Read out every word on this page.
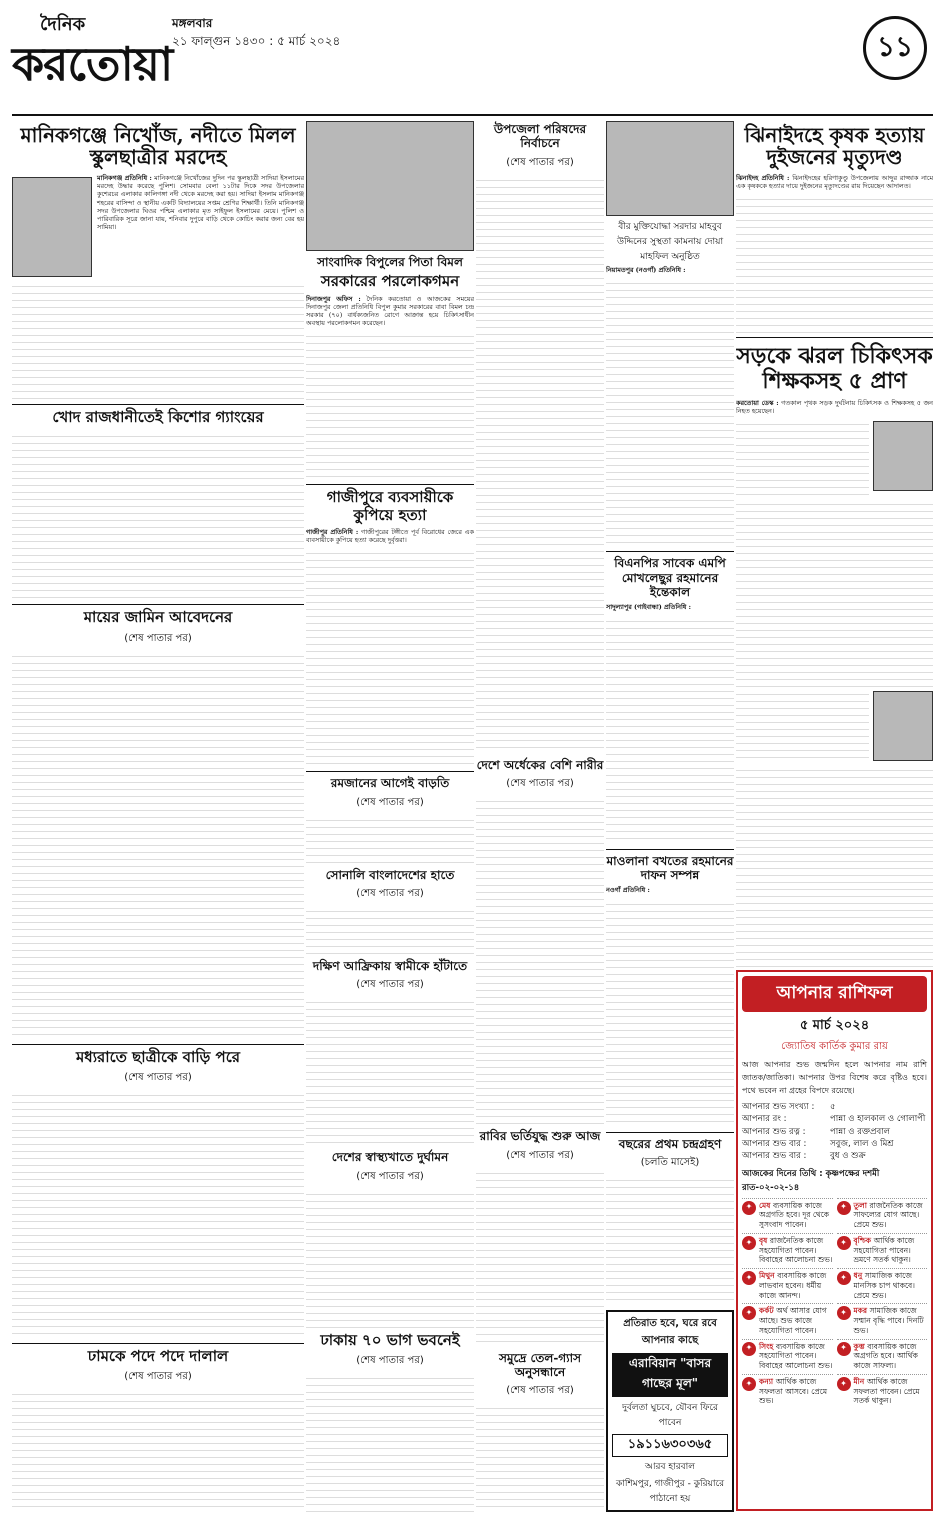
দৈনিক
করতোয়া
মঙ্গলবার
২১ ফাল্গুন ১৪৩০ : ৫ মার্চ ২০২৪	১১
মানিকগঞ্জে নিখোঁজ, নদীতে মিলল স্কুলছাত্রীর মরদেহ

মানিকগঞ্জ প্রতিনিধি : মানিকগঞ্জে নিখোঁজের দুদিন পর স্কুলছাত্রী সাদিয়া ইসলামের মরদেহ উদ্ধার করেছে পুলিশ। সোমবার বেলা ১১টার দিকে সদর উপজেলার কুশেরচর এলাকার কালিগঙ্গা নদী থেকে মরদেহ করা হয়। সাদিয়া ইসলাম মানিকগঞ্জ শহরের বাসিন্দা ও স্থানীয় একটি বিদ্যালয়ের সপ্তম শ্রেণির শিক্ষার্থী। তিনি মানিকগঞ্জ সদর উপজেলার ঘিওর পশ্চিম এলাকার মৃত সাইফুল ইসলামের মেয়ে। পুলিশ ও পারিবারিক সূত্রে জানা যায়, শনিবার দুপুরে বাড়ি থেকে কোচিং করার জন্য বের হয় সামিয়া।

খোদ রাজধানীতেই কিশোর গ্যাংয়ের
মায়ের জামিন আবেদনের
( শেষ পাতার পর )
মধ্যরাতে ছাত্রীকে বাড়ি পরে
( শেষ পাতার পর )
ঢামকে পদে পদে দালাল
( শেষ পাতার পর )
সাংবাদিক বিপুলের পিতা বিমল
সরকারের পরলোকগমন

দিনাজপুর অফিস : দৈনিক করতোয়া ও আজকের সময়ের দিনাজপুর জেলা প্রতিনিধি বিপুল কুমার সরকারের বাবা বিমল চন্দ্র সরকার (৭০) বার্ধক্যজনিত রোগে আক্রান্ত হয়ে চিকিৎসাধীন অবস্থায় পরলোকগমন করেছেন।

গাজীপুরে ব্যবসায়ীকে কুপিয়ে হত্যা

গাজীপুর প্রতিনিধি : গাজীপুরের টঙ্গীতে পূর্ব বিরোধের জেরে এক ব্যবসায়ীকে কুপিয়ে হত্যা করেছে দুর্বৃত্তরা।

রমজানের আগেই বাড়তি
( শেষ পাতার পর )
সোনালি বাংলাদেশের হাতে
( শেষ পাতার পর )
দক্ষিণ আফ্রিকায় স্বামীকে হাঁটাতে
( শেষ পাতার পর )
দেশের স্বাস্থ্যখাতে দুর্ঘামন
( শেষ পাতার পর )
ঢাকায় ৭০ ভাগ ভবনেই
( শেষ পাতার পর )
উপজেলা পরিষদের নির্বাচনে
( শেষ পাতার পর )
দেশে অর্ধেকের বেশি নারীর
( শেষ পাতার পর )
রাবির ভর্তিযুদ্ধ শুরু আজ
( শেষ পাতার পর )
সমুদ্রে তেল-গ্যাস অনুসন্ধানে
( শেষ পাতার পর )
বীর মুক্তিযোদ্ধা সরদার মাহবুব উদ্দিনের সুস্থতা কামনায় দোয়া মাহফিল অনুষ্ঠিত

নিয়ামতপুর (নওগাঁ) প্রতিনিধি :

বিএনপির সাবেক এমপি মোখলেছুর রহমানের ইন্তেকাল

সাদুল্যাপুর (গাইবান্ধা) প্রতিনিধি :

মাওলানা বখতের রহমানের দাফন সম্পন্ন

নওগাঁ প্রতিনিধি :

বছরের প্রথম চন্দ্রগ্রহণ
( চলতি মাসেই )
প্রতিরাত হবে, ঘরে রবে আপনার কাছে
এরাবিয়ান "বাসর গাছের মূল"
দুর্বলতা ঘুচবে, যৌবন ফিরে পাবেন
১৯১১৬৩০৩৬৫
আরব হারবাল
কাশিমপুর, গাজীপুর - কুরিয়ারে পাঠানো হয়
ঝিনাইদহে কৃষক হত্যায় দুইজনের মৃত্যুদণ্ড

ঝিনাইদহ প্রতিনিধি : ঝিনাইদহের হরিণাকুণ্ডু উপজেলায় আব্দুর রাজ্জাক নামে এক কৃষককে হত্যার দায়ে দুইজনের মৃত্যুদণ্ডের রায় দিয়েছেন আদালত।

সড়কে ঝরল চিকিৎসক শিক্ষকসহ ৫ প্রাণ

করতোয়া ডেস্ক : গতকাল পৃথক সড়ক দুর্ঘটনায় চিকিৎসক ও শিক্ষকসহ ৫ জন নিহত হয়েছেন।

আপনার রাশিফল
৫ মার্চ ২০২৪
জ্যোতিষ কার্তিক কুমার রায়
আজ আপনার শুভ জন্মদিন হলে আপনার নাম রাশি জাতক/জাতিকা। আপনার উপর বিশেষ করে বৃষ্টিও হবে। পথে ভবেন না গ্রহের বিপদে রয়েছে।
আপনার শুভ সংখ্যা :	৫
আপনার রং :	পান্না ও হালকাল ও গোলাপী
আপনার শুভ রত্ন :	পান্না ও রক্তপ্রবাল
আপনার শুভ বার :	সবুজ, লাল ও মিশ্র
আপনার শুভ বার :	বুধ ও শুক্র
আজকের দিনের তিথি : কৃষ্ণপক্ষের দশমী রাত-০২-০২-১৪
✦ মেষ ব্যবসায়িক কাজে অগ্রগতি হবে। দূর থেকে সুসংবাদ পাবেন।
✦ তুলা রাজনৈতিক কাজে সাফল্যের যোগ আছে। প্রেমে শুভ।
✦ বৃষ রাজনৈতিক কাজে সহযোগিতা পাবেন। বিবাহের আলোচনা শুভ।
✦ বৃশ্চিক আর্থিক কাজে সহযোগিতা পাবেন। ভ্রমণে সতর্ক থাকুন।
✦ মিথুন ব্যবসায়িক কাজে লাভবান হবেন। ধর্মীয় কাজে আনন্দ।
✦ ধনু সামাজিক কাজে মানসিক চাপ থাকবে। প্রেমে শুভ।
✦ কর্কট অর্থ আসার যোগ আছে। শুভ কাজে সহযোগিতা পাবেন।
✦ মকর সামাজিক কাজে সম্মান বৃদ্ধি পাবে। দিনটি শুভ।
✦ সিংহ ব্যবসায়িক কাজে সহযোগিতা পাবেন। বিবাহের আলোচনা শুভ।
✦ কুম্ভ ব্যবসায়িক কাজে অগ্রগতি হবে। আর্থিক কাজে সাফল্য।
✦ কন্যা আর্থিক কাজে সফলতা আসবে। প্রেমে শুভ।
✦ মীন আর্থিক কাজে সফলতা পাবেন। প্রেমে সতর্ক থাকুন।
